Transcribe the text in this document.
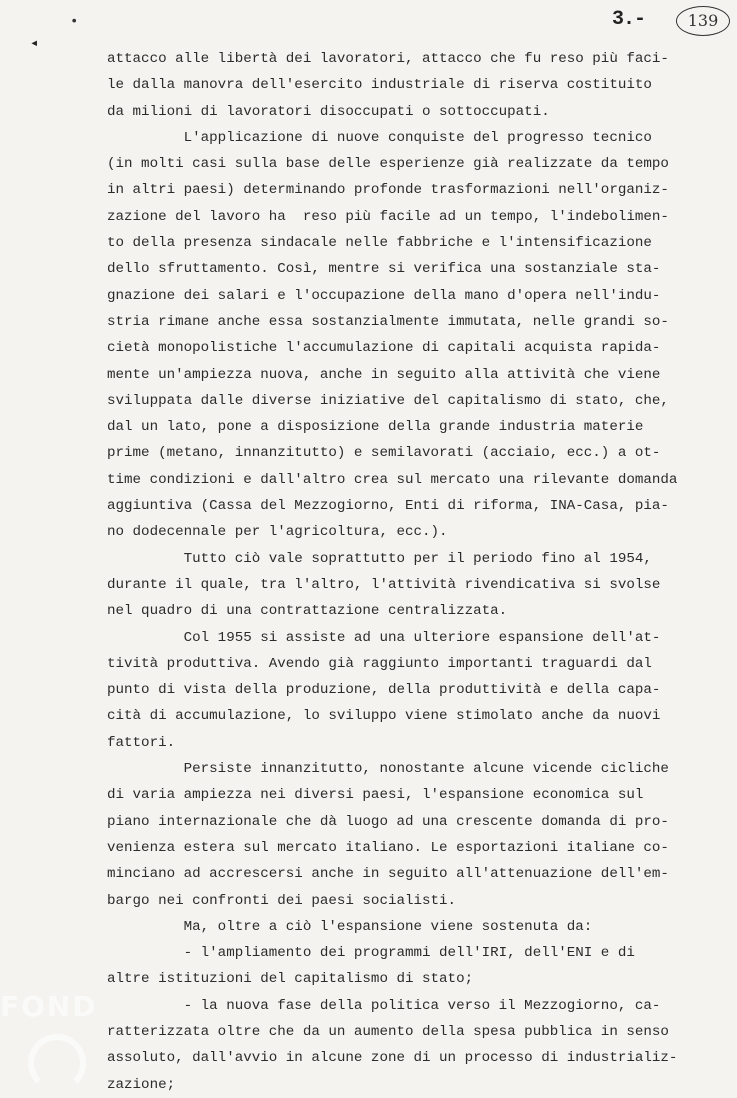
•
◂
3.-	139
attacco alle libertà dei lavoratori, attacco che fu reso più faci-
le dalla manovra dell'esercito industriale di riserva costituito
da milioni di lavoratori disoccupati o sottoccupati.
L'applicazione di nuove conquiste del progresso tecnico
(in molti casi sulla base delle esperienze già realizzate da tempo
in altri paesi) determinando profonde trasformazioni nell'organiz-
zazione del lavoro ha  reso più facile ad un tempo, l'indebolimen-
to della presenza sindacale nelle fabbriche e l'intensificazione
dello sfruttamento. Così, mentre si verifica una sostanziale sta-
gnazione dei salari e l'occupazione della mano d'opera nell'indu-
stria rimane anche essa sostanzialmente immutata, nelle grandi so-
cietà monopolistiche l'accumulazione di capitali acquista rapida-
mente un'ampiezza nuova, anche in seguito alla attività che viene
sviluppata dalle diverse iniziative del capitalismo di stato, che,
dal un lato, pone a disposizione della grande industria materie
prime (metano, innanzitutto) e semilavorati (acciaio, ecc.) a ot-
time condizioni e dall'altro crea sul mercato una rilevante domanda
aggiuntiva (Cassa del Mezzogiorno, Enti di riforma, INA-Casa, pia-
no dodecennale per l'agricoltura, ecc.).
Tutto ciò vale soprattutto per il periodo fino al 1954,
durante il quale, tra l'altro, l'attività rivendicativa si svolse
nel quadro di una contrattazione centralizzata.
Col 1955 si assiste ad una ulteriore espansione dell'at-
tività produttiva. Avendo già raggiunto importanti traguardi dal
punto di vista della produzione, della produttività e della capa-
cità di accumulazione, lo sviluppo viene stimolato anche da nuovi
fattori.
Persiste innanzitutto, nonostante alcune vicende cicliche
di varia ampiezza nei diversi paesi, l'espansione economica sul
piano internazionale che dà luogo ad una crescente domanda di pro-
venienza estera sul mercato italiano. Le esportazioni italiane co-
minciano ad accrescersi anche in seguito all'attenuazione dell'em-
bargo nei confronti dei paesi socialisti.
Ma, oltre a ciò l'espansione viene sostenuta da:
- l'ampliamento dei programmi dell'IRI, dell'ENI e di
altre istituzioni del capitalismo di stato;
- la nuova fase della politica verso il Mezzogiorno, ca-
ratterizzata oltre che da un aumento della spesa pubblica in senso
assoluto, dall'avvio in alcune zone di un processo di industrializ-
zazione;
FOND
